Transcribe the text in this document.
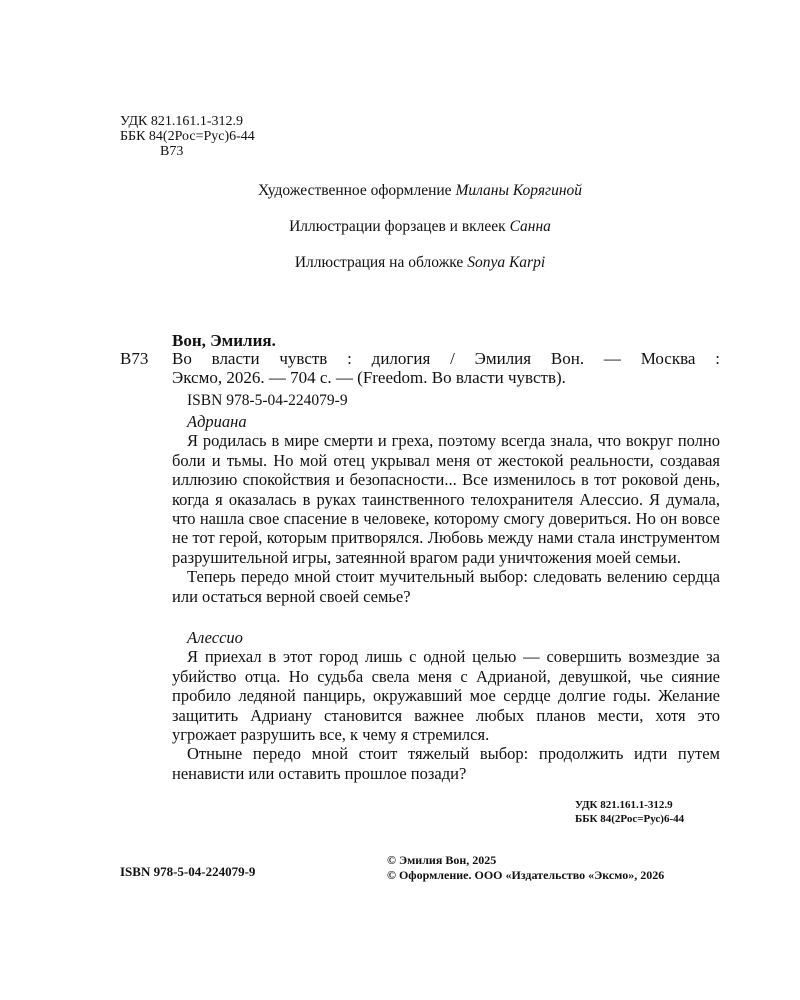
УДК 821.161.1-312.9
ББК 84(2Рос=Рус)6-44
В73
Художественное оформление Миланы Корягиной
Иллюстрации форзацев и вклеек Санна
Иллюстрация на обложке Sonya Karpi
Вон, Эмилия.
В73 Во власти чувств : дилогия / Эмилия Вон. — Москва :
Эксмо, 2026. — 704 с. — (Freedom. Во власти чувств).
ISBN 978-5-04-224079-9
Адриана

Я родилась в мире смерти и греха, поэтому всегда знала, что вокруг полно боли и тьмы. Но мой отец укрывал меня от жестокой реальности, создавая иллюзию спокойствия и безопасности... Все изменилось в тот роковой день, когда я оказалась в руках таинственного телохранителя Алессио. Я думала, что нашла свое спасение в человеке, которому смогу довериться. Но он вовсе не тот герой, которым притворялся. Любовь между нами стала инструментом разрушительной игры, затеянной врагом ради уничтожения моей семьи.

Теперь передо мной стоит мучительный выбор: следовать велению сердца или остаться верной своей семье?

Алессио

Я приехал в этот город лишь с одной целью — совершить возмездие за убийство отца. Но судьба свела меня с Адрианой, девушкой, чье сияние пробило ледяной панцирь, окружавший мое сердце долгие годы. Желание защитить Адриану становится важнее любых планов мести, хотя это угрожает разрушить все, к чему я стремился.

Отныне передо мной стоит тяжелый выбор: продолжить идти путем ненависти или оставить прошлое позади?

УДК 821.161.1-312.9
ББК 84(2Рос=Рус)6-44
ISBN 978-5-04-224079-9
© Эмилия Вон, 2025
© Оформление. ООО «Издательство «Эксмо», 2026
